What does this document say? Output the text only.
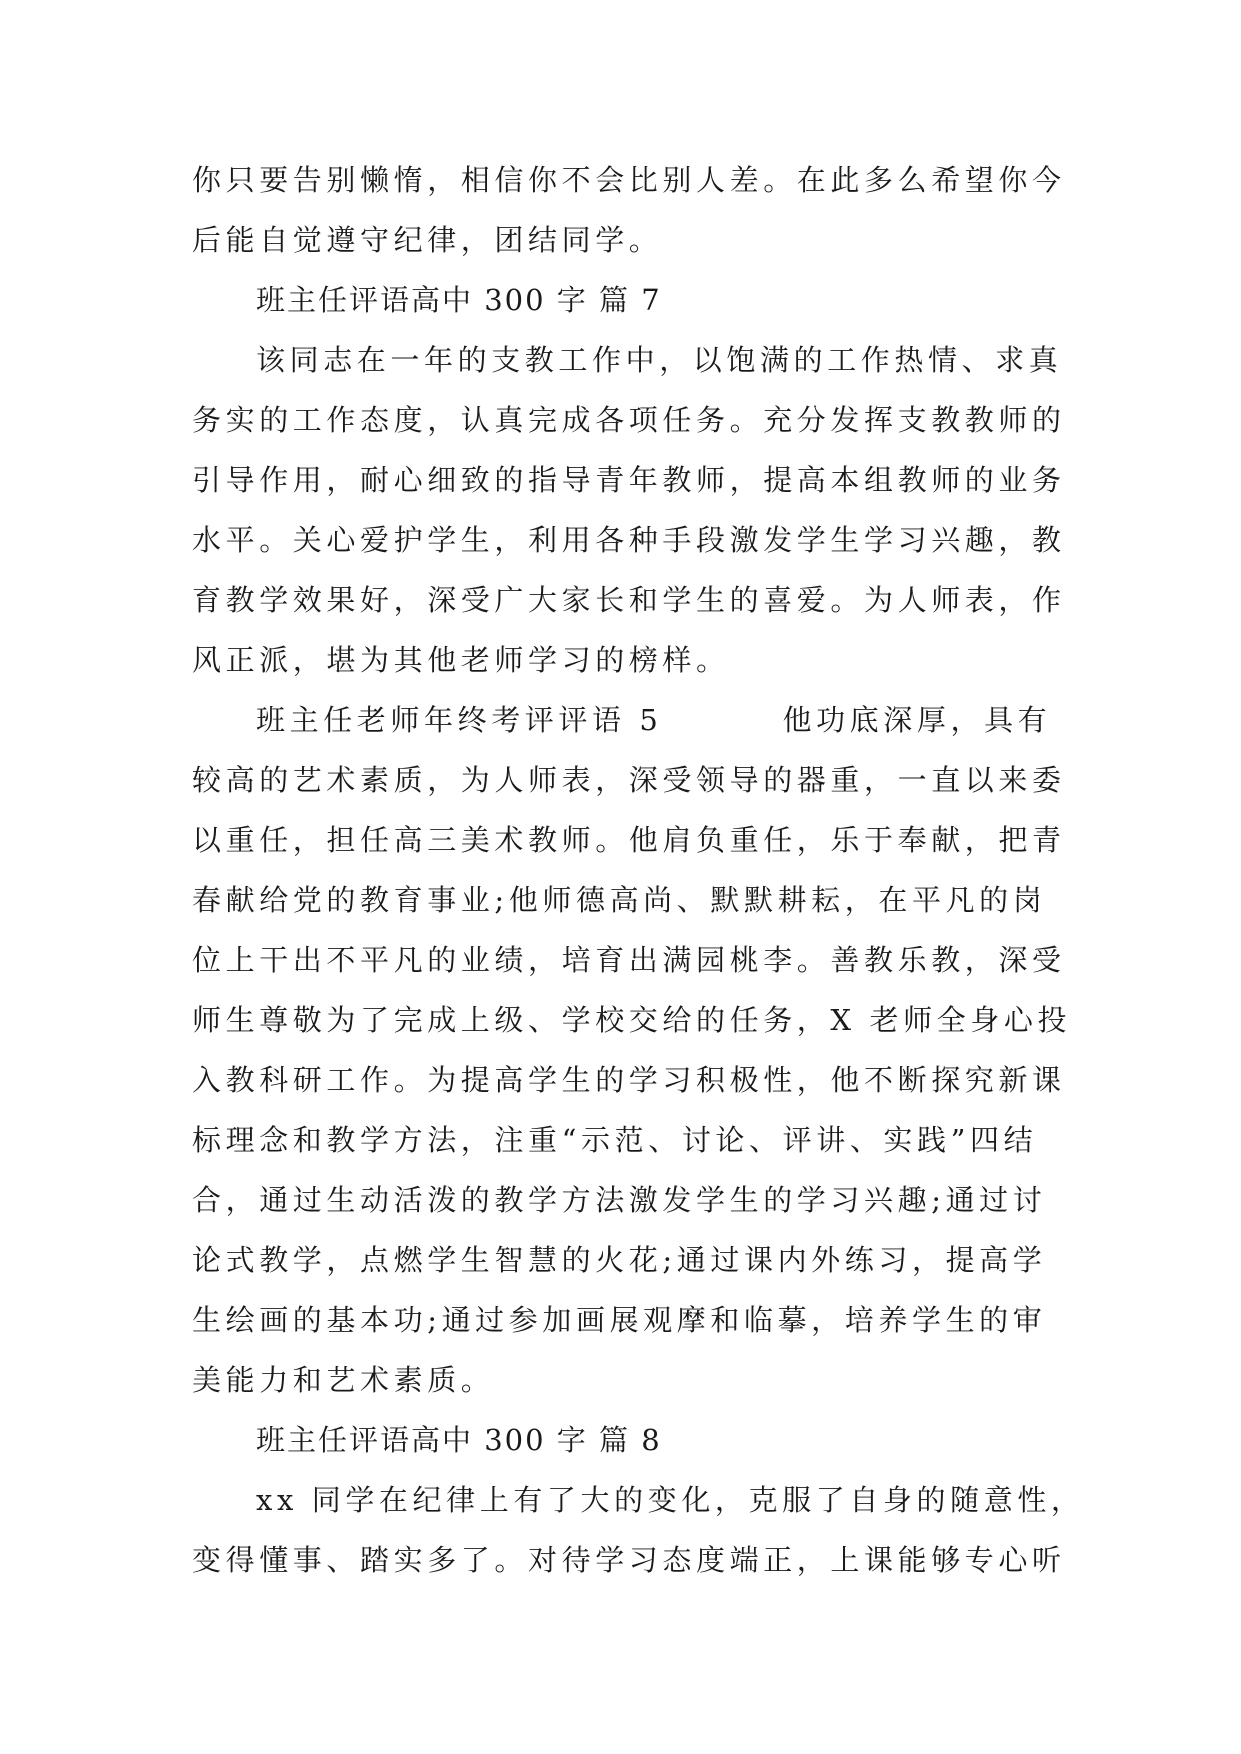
你只要告别懒惰，相信你不会比别人差。在此多么希望你今
后能自觉遵守纪律，团结同学。
班主任评语高中 300 字 篇 7
该同志在一年的支教工作中，以饱满的工作热情、求真
务实的工作态度，认真完成各项任务。充分发挥支教教师的
引导作用，耐心细致的指导青年教师，提高本组教师的业务
水平。关心爱护学生，利用各种手段激发学生学习兴趣，教
育教学效果好，深受广大家长和学生的喜爱。为人师表，作
风正派，堪为其他老师学习的榜样。
班主任老师年终考评评语 5	他功底深厚，具有
较高的艺术素质，为人师表，深受领导的器重，一直以来委
以重任，担任高三美术教师。他肩负重任，乐于奉献，把青
春献给党的教育事业;他师德高尚、默默耕耘，在平凡的岗
位上干出不平凡的业绩，培育出满园桃李。善教乐教，深受
师生尊敬为了完成上级、学校交给的任务，X 老师全身心投
入教科研工作。为提高学生的学习积极性，他不断探究新课
标理念和教学方法，注重“示范、讨论、评讲、实践”四结
合，通过生动活泼的教学方法激发学生的学习兴趣;通过讨
论式教学，点燃学生智慧的火花;通过课内外练习，提高学
生绘画的基本功;通过参加画展观摩和临摹，培养学生的审
美能力和艺术素质。
班主任评语高中 300 字 篇 8
xx 同学在纪律上有了大的变化，克服了自身的随意性，
变得懂事、踏实多了。对待学习态度端正，上课能够专心听
